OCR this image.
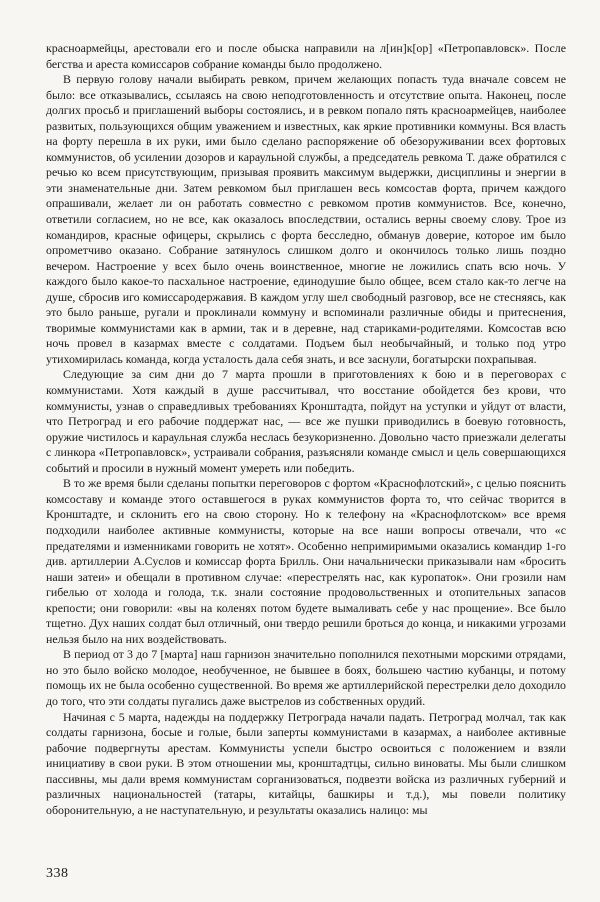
красноармейцы, арестовали его и после обыска направили на л[ин]к[ор] «Петропавловск». После бегства и ареста комиссаров собрание команды было продолжено.

В первую голову начали выбирать ревком, причем желающих попасть туда вначале совсем не было: все отказывались, ссылаясь на свою неподготовленность и отсутствие опыта. Наконец, после долгих просьб и приглашений выборы состоялись, и в ревком попало пять красноармейцев, наиболее развитых, пользующихся общим уважением и известных, как яркие противники коммуны. Вся власть на форту перешла в их руки, ими было сделано распоряжение об обезоруживании всех фортовых коммунистов, об усилении дозоров и караульной службы, а председатель ревкома Т. даже обратился с речью ко всем присутствующим, призывая проявить максимум выдержки, дисциплины и энергии в эти знаменательные дни. Затем ревкомом был приглашен весь комсостав форта, причем каждого опрашивали, желает ли он работать совместно с ревкомом против коммунистов. Все, конечно, ответили согласием, но не все, как оказалось впоследствии, остались верны своему слову. Трое из командиров, красные офицеры, скрылись с форта бесследно, обманув доверие, которое им было опрометчиво оказано. Собрание затянулось слишком долго и окончилось только лишь поздно вечером. Настроение у всех было очень воинственное, многие не ложились спать всю ночь. У каждого было какое-то пасхальное настроение, единодушие было общее, всем стало как-то легче на душе, сбросив иго комиссародержавия. В каждом углу шел свободный разговор, все не стесняясь, как это было раньше, ругали и проклинали коммуну и вспоминали различные обиды и притеснения, творимые коммунистами как в армии, так и в деревне, над стариками-родителями. Комсостав всю ночь провел в казармах вместе с солдатами. Подъем был необычайный, и только под утро утихомирилась команда, когда усталость дала себя знать, и все заснули, богатырски похрапывая.

Следующие за сим дни до 7 марта прошли в приготовлениях к бою и в переговорах с коммунистами. Хотя каждый в душе рассчитывал, что восстание обойдется без крови, что коммунисты, узнав о справедливых требованиях Кронштадта, пойдут на уступки и уйдут от власти, что Петроград и его рабочие поддержат нас, — все же пушки приводились в боевую готовность, оружие чистилось и караульная служба неслась безукоризненно. Довольно часто приезжали делегаты с линкора «Петропавловск», устраивали собрания, разъясняли команде смысл и цель совершающихся событий и просили в нужный момент умереть или победить.

В то же время были сделаны попытки переговоров с фортом «Краснофлотский», с целью пояснить комсоставу и команде этого оставшегося в руках коммунистов форта то, что сейчас творится в Кронштадте, и склонить его на свою сторону. Но к телефону на «Краснофлотском» все время подходили наиболее активные коммунисты, которые на все наши вопросы отвечали, что «с предателями и изменниками говорить не хотят». Особенно непримиримыми оказались командир 1-го див. артиллерии А.Суслов и комиссар форта Брилль. Они начальнически приказывали нам «бросить наши затеи» и обещали в противном случае: «перестрелять нас, как куропаток». Они грозили нам гибелью от холода и голода, т.к. знали состояние продовольственных и отопительных запасов крепости; они говорили: «вы на коленях потом будете вымаливать себе у нас прощение». Все было тщетно. Дух наших солдат был отличный, они твердо решили броться до конца, и никакими угрозами нельзя было на них воздействовать.

В период от 3 до 7 [марта] наш гарнизон значительно пополнился пехотными морскими отрядами, но это было войско молодое, необученное, не бывшее в боях, большею частию кубанцы, и потому помощь их не была особенно существенной. Во время же артиллерийской перестрелки дело доходило до того, что эти солдаты пугались даже выстрелов из собственных орудий.

Начиная с 5 марта, надежды на поддержку Петрограда начали падать. Петроград молчал, так как солдаты гарнизона, босые и голые, были заперты коммунистами в казармах, а наиболее активные рабочие подвергнуты арестам. Коммунисты успели быстро освоиться с положением и взяли инициативу в свои руки. В этом отношении мы, кронштадтцы, сильно виноваты. Мы были слишком пассивны, мы дали время коммунистам сорганизоваться, подвезти войска из различных губерний и различных национальностей (татары, китайцы, башкиры и т.д.), мы повели политику оборонительную, а не наступательную, и результаты оказались налицо: мы

338
